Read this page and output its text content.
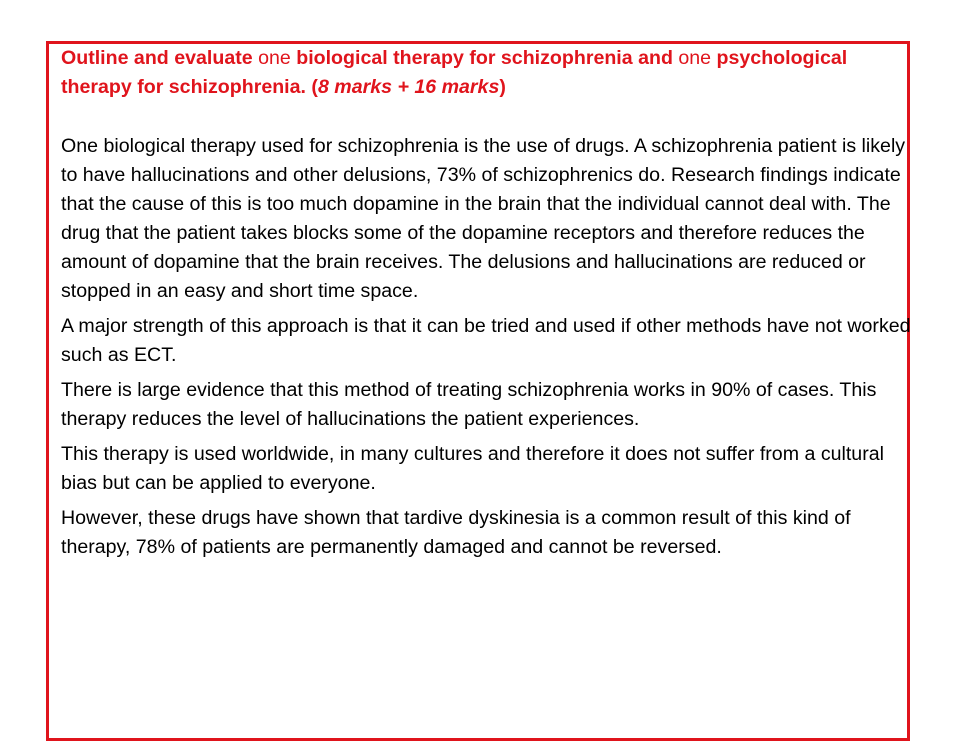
Outline and evaluate one biological therapy for schizophrenia and one psychological therapy for schizophrenia. (8 marks + 16 marks)

One biological therapy used for schizophrenia is the use of drugs. A schizophrenia patient is likely to have hallucinations and other delusions, 73% of schizophrenics do. Research findings indicate that the cause of this is too much dopamine in the brain that the individual cannot deal with. The drug that the patient takes blocks some of the dopamine receptors and therefore reduces the amount of dopamine that the brain receives. The delusions and hallucinations are reduced or stopped in an easy and short time space.

A major strength of this approach is that it can be tried and used if other methods have not worked such as ECT.

There is large evidence that this method of treating schizophrenia works in 90% of cases. This therapy reduces the level of hallucinations the patient experiences.

This therapy is used worldwide, in many cultures and therefore it does not suffer from a cultural bias but can be applied to everyone.

However, these drugs have shown that tardive dyskinesia is a common result of this kind of therapy, 78% of patients are permanently damaged and cannot be reversed.
